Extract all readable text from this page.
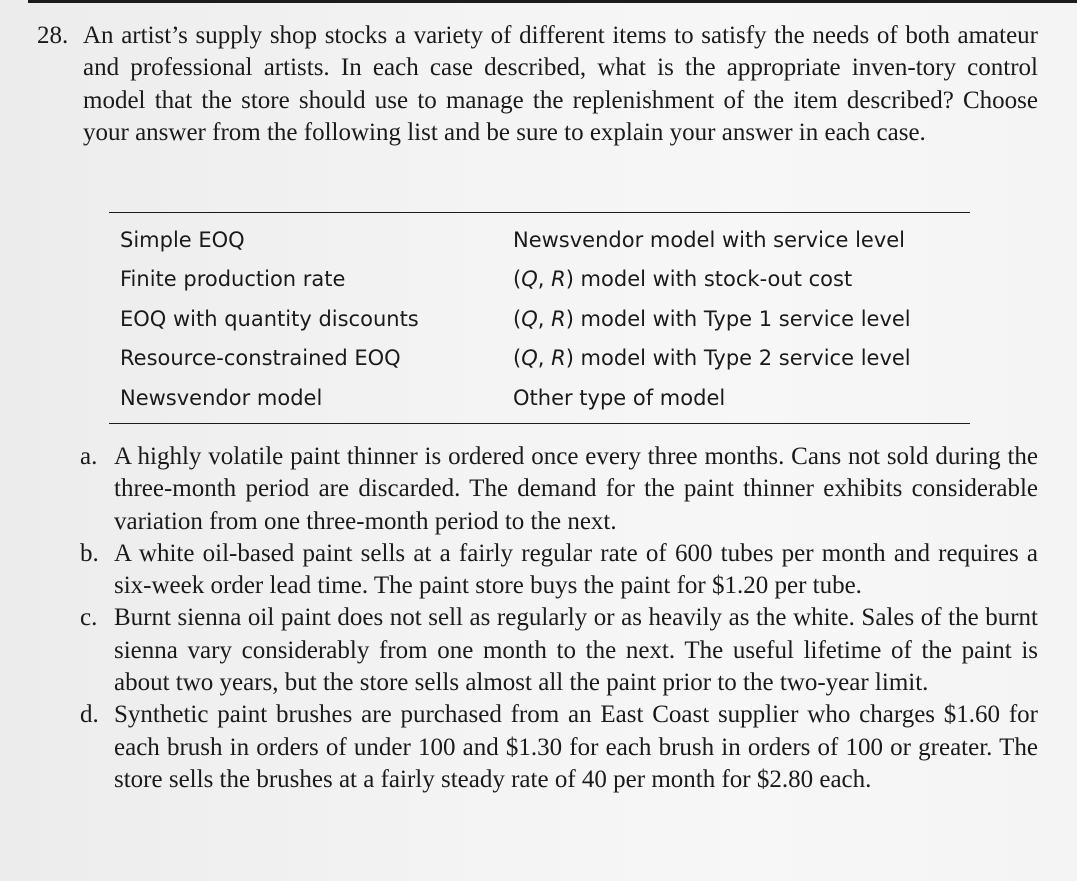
28. An artist’s supply shop stocks a variety of different items to satisfy the needs of both amateur and professional artists. In each case described, what is the appropriate inven-tory control model that the store should use to manage the replenishment of the item described? Choose your answer from the following list and be sure to explain your answer in each case.

Simple EOQ	Newsvendor model with service level
Finite production rate	(Q, R) model with stock-out cost
EOQ with quantity discounts	(Q, R) model with Type 1 service level
Resource-constrained EOQ	(Q, R) model with Type 2 service level
Newsvendor model	Other type of model
a. A highly volatile paint thinner is ordered once every three months. Cans not sold during the three-month period are discarded. The demand for the paint thinner exhibits considerable variation from one three-month period to the next.
b. A white oil-based paint sells at a fairly regular rate of 600 tubes per month and requires a six-week order lead time. The paint store buys the paint for $1.20 per tube.
c. Burnt sienna oil paint does not sell as regularly or as heavily as the white. Sales of the burnt sienna vary considerably from one month to the next. The useful lifetime of the paint is about two years, but the store sells almost all the paint prior to the two-year limit.
d. Synthetic paint brushes are purchased from an East Coast supplier who charges $1.60 for each brush in orders of under 100 and $1.30 for each brush in orders of 100 or greater. The store sells the brushes at a fairly steady rate of 40 per month for $2.80 each.
